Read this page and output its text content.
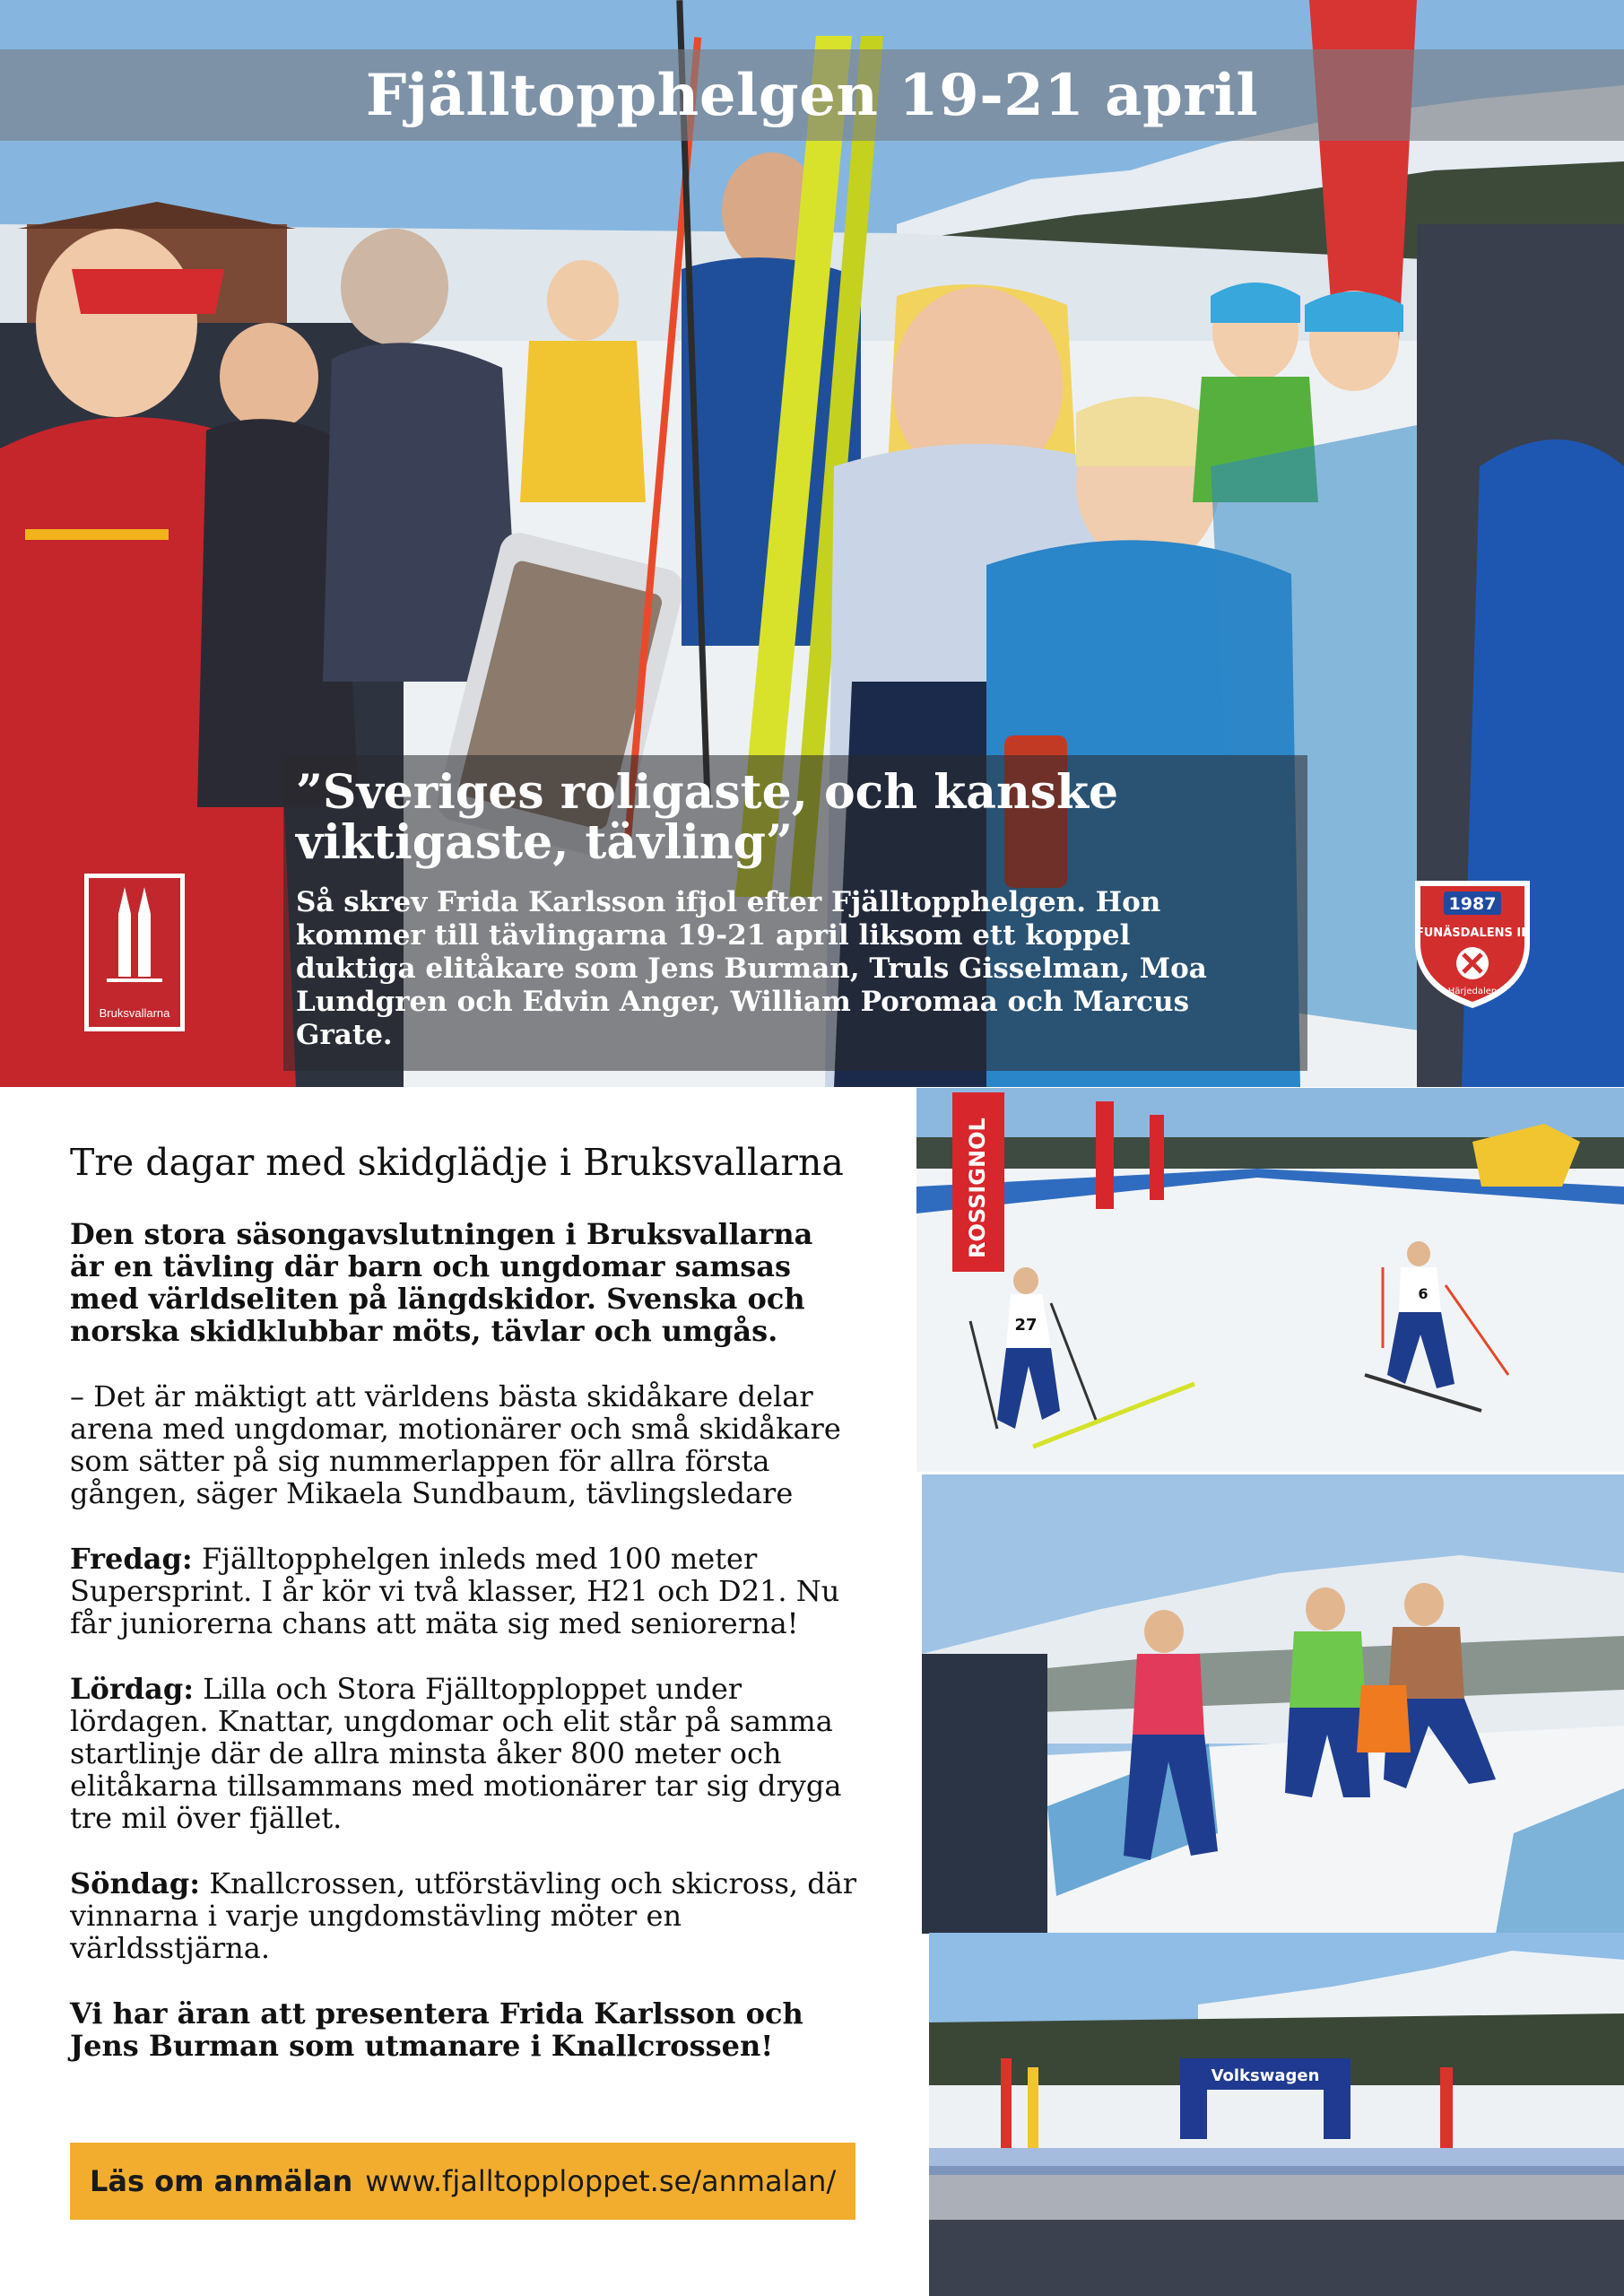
Fjälltopphelgen 19-21 april

”Sveriges roligaste, och kanske
viktigaste, tävling”

Så skrev Frida Karlsson ifjol efter Fjälltopphelgen. Hon
kommer till tävlingarna 19-21 april liksom ett koppel
duktiga elitåkare som Jens Burman, Truls Gisselman, Moa
Lundgren och Edvin Anger, William Poromaa och Marcus
Grate.

Bruksvallarna
1987
FUNÄSDALENS IF
Härjedalen
Tre dagar med skidglädje i Bruksvallarna

Den stora säsongavslutningen i Bruksvallarna
är en tävling där barn och ungdomar samsas
med världseliten på längdskidor. Svenska och
norska skidklubbar möts, tävlar och umgås.

– Det är mäktigt att världens bästa skidåkare delar
arena med ungdomar, motionärer och små skidåkare
som sätter på sig nummerlappen för allra första
gången, säger Mikaela Sundbaum, tävlingsledare

Fredag: Fjälltopphelgen inleds med 100 meter
Supersprint. I år kör vi två klasser, H21 och D21. Nu
får juniorerna chans att mäta sig med seniorerna!

Lördag: Lilla och Stora Fjälltopploppet under
lördagen. Knattar, ungdomar och elit står på samma
startlinje där de allra minsta åker 800 meter och
elitåkarna tillsammans med motionärer tar sig dryga
tre mil över fjället.

Söndag: Knallcrossen, utförstävling och skicross, där
vinnarna i varje ungdomstävling möter en
världsstjärna.

Vi har äran att presentera Frida Karlsson och
Jens Burman som utmanare i Knallcrossen!

Läs om anmälan www.fjalltopploppet.se/anmalan/
ROSSIGNOL
27
6
Volkswagen
